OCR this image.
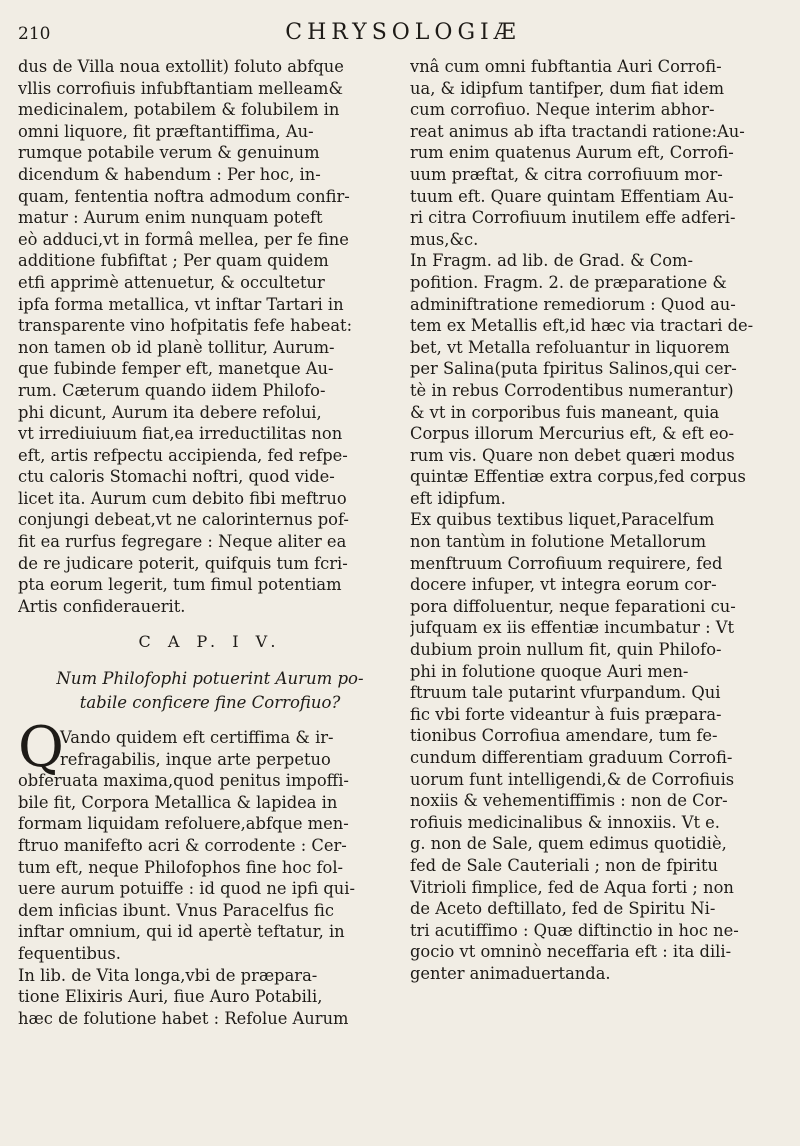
210	CHRYSOLOGIÆ
dus de Villa noua extollit) foluto abfque
vllis corrofiuis infubftantiam melleam&
medicinalem, potabilem & folubilem in
omni liquore, fit præftantiffima, Au-
rumque potabile verum & genuinum
dicendum & habendum : Per hoc, in-
quam, fententia noftra admodum confir-
matur : Aurum enim nunquam poteft
eò adduci,vt in formâ mellea, per fe fine
additione fubfiftat ; Per quam quidem
etfi apprimè attenuetur, & occultetur
ipfa forma metallica, vt inftar Tartari in
transparente vino hofpitatis fefe habeat:
non tamen ob id planè tollitur, Aurum-
que fubinde femper eft, manetque Au-
rum. Cæterum quando iidem Philofo-
phi dicunt, Aurum ita debere refolui,
vt irrediuiuum fiat,ea irreductilitas non
eft, artis refpectu accipienda, fed refpe-
ctu caloris Stomachi noftri, quod vide-
licet ita. Aurum cum debito fibi meftruo
conjungi debeat,vt ne calorinternus pof-
fit ea rurfus fegregare : Neque aliter ea
de re judicare poterit, quifquis tum fcri-
pta eorum legerit, tum fimul potentiam
Artis confiderauerit.
C A P. I V.
Num Philofophi potuerint Aurum po-
tabile conficere fine Corrofiuo?
Q
Vando quidem eft certiffima & ir-
refragabilis, inque arte perpetuo
obferuata maxima,quod penitus impoffi-
bile fit, Corpora Metallica & lapidea in
formam liquidam refoluere,abfque men-
ftruo manifefto acri & corrodente : Cer-
tum eft, neque Philofophos fine hoc fol-
uere aurum potuiffe : id quod ne ipfi qui-
dem inficias ibunt. Vnus Paracelfus fic
inftar omnium, qui id apertè teftatur, in
fequentibus.
In lib. de Vita longa,vbi de præpara-
tione Elixiris Auri, fiue Auro Potabili,
hæc de folutione habet : Refolue Aurum
vnâ cum omni fubftantia Auri Corrofi-
ua, & idipfum tantifper, dum fiat idem
cum corrofiuo. Neque interim abhor-
reat animus ab ifta tractandi ratione:Au-
rum enim quatenus Aurum eft, Corrofi-
uum præftat, & citra corrofiuum mor-
tuum eft. Quare quintam Effentiam Au-
ri citra Corrofiuum inutilem effe adferi-
mus,&c.
In Fragm. ad lib. de Grad. & Com-
pofition. Fragm. 2. de præparatione &
adminiftratione remediorum : Quod au-
tem ex Metallis eft,id hæc via tractari de-
bet, vt Metalla refoluantur in liquorem
per Salina(puta fpiritus Salinos,qui cer-
tè in rebus Corrodentibus numerantur)
& vt in corporibus fuis maneant, quia
Corpus illorum Mercurius eft, & eft eo-
rum vis. Quare non debet quæri modus
quintæ Effentiæ extra corpus,fed corpus
eft idipfum.
Ex quibus textibus liquet,Paracelfum
non tantùm in folutione Metallorum
menftruum Corrofiuum requirere, fed
docere infuper, vt integra eorum cor-
pora diffoluentur, neque feparationi cu-
jufquam ex iis effentiæ incumbatur : Vt
dubium proin nullum fit, quin Philofo-
phi in folutione quoque Auri men-
ftruum tale putarint vfurpandum. Qui
fic vbi forte videantur à fuis præpara-
tionibus Corrofiua amendare, tum fe-
cundum differentiam graduum Corrofi-
uorum funt intelligendi,& de Corrofiuis
noxiis & vehementiffimis : non de Cor-
rofiuis medicinalibus & innoxiis. Vt e.
g. non de Sale, quem edimus quotidiè,
fed de Sale Cauteriali ; non de fpiritu
Vitrioli fimplice, fed de Aqua forti ; non
de Aceto deftillato, fed de Spiritu Ni-
tri acutiffimo : Quæ diftinctio in hoc ne-
gocio vt omninò neceffaria eft : ita dili-
genter animaduertanda.
